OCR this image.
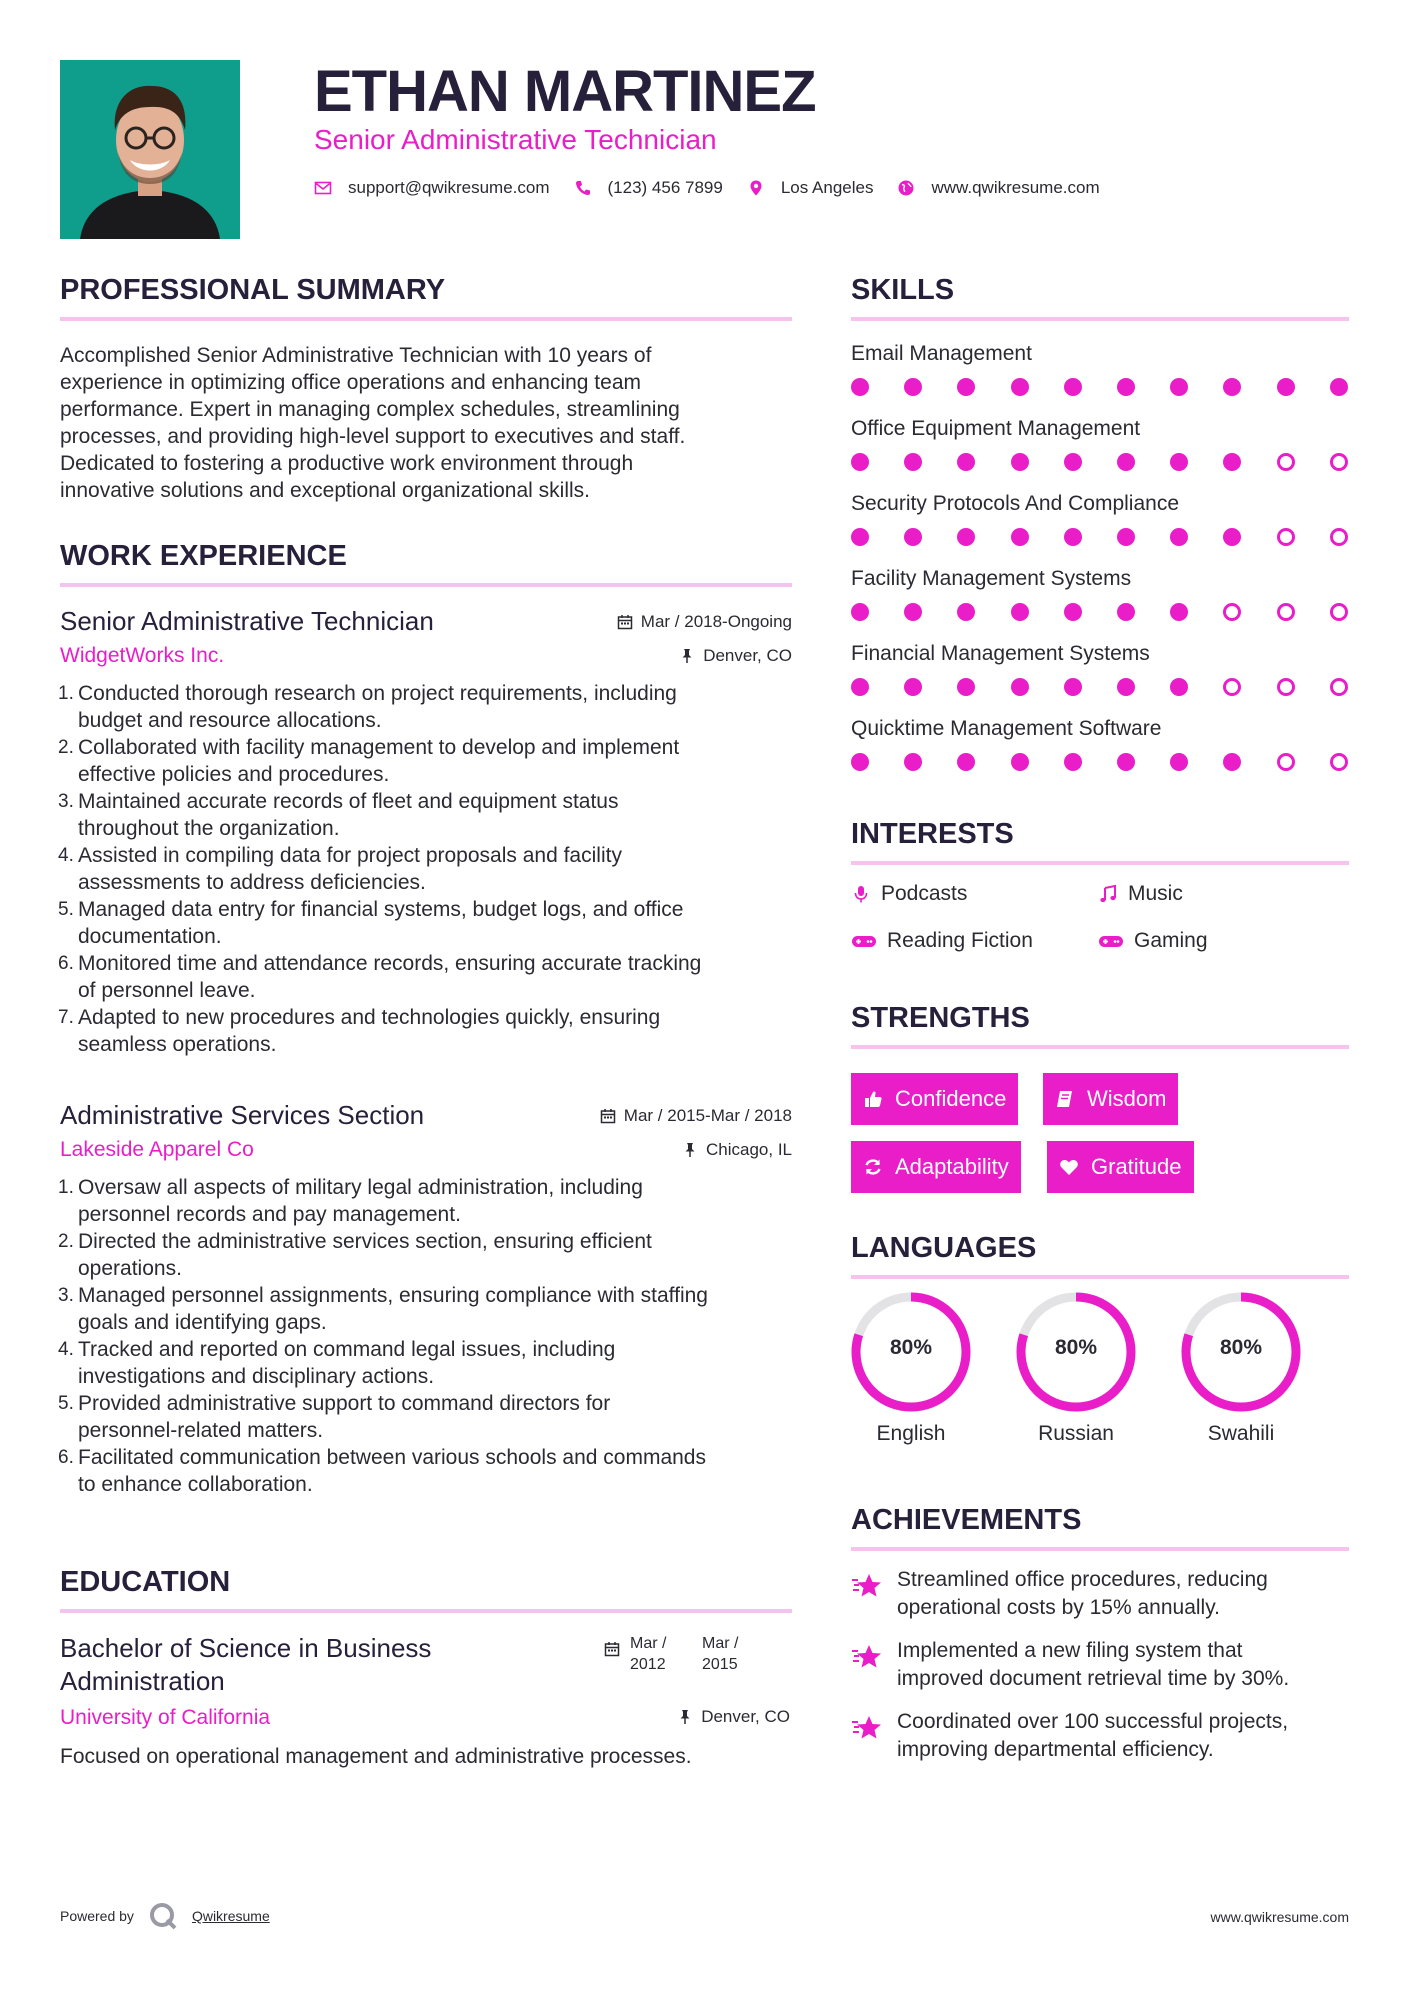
ETHAN MARTINEZ
Senior Administrative Technician
support@qwikresume.com	(123) 456 7899	Los Angeles	www.qwikresume.com
PROFESSIONAL SUMMARY
Accomplished Senior Administrative Technician with 10 years of
experience in optimizing office operations and enhancing team
performance. Expert in managing complex schedules, streamlining
processes, and providing high-level support to executives and staff.
Dedicated to fostering a productive work environment through
innovative solutions and exceptional organizational skills.
WORK EXPERIENCE
Senior Administrative Technician
WidgetWorks Inc.
Mar / 2018-Ongoing
Denver, CO
1. Conducted thorough research on project requirements, including
budget and resource allocations.
2. Collaborated with facility management to develop and implement
effective policies and procedures.
3. Maintained accurate records of fleet and equipment status
throughout the organization.
4. Assisted in compiling data for project proposals and facility
assessments to address deficiencies.
5. Managed data entry for financial systems, budget logs, and office
documentation.
6. Monitored time and attendance records, ensuring accurate tracking
of personnel leave.
7. Adapted to new procedures and technologies quickly, ensuring
seamless operations.
Administrative Services Section
Lakeside Apparel Co
Mar / 2015-Mar / 2018
Chicago, IL
1. Oversaw all aspects of military legal administration, including
personnel records and pay management.
2. Directed the administrative services section, ensuring efficient
operations.
3. Managed personnel assignments, ensuring compliance with staffing
goals and identifying gaps.
4. Tracked and reported on command legal issues, including
investigations and disciplinary actions.
5. Provided administrative support to command directors for
personnel-related matters.
6. Facilitated communication between various schools and commands
to enhance collaboration.
EDUCATION
Bachelor of Science in Business
Administration
University of California
Mar /
2012
Mar /
2015
Denver, CO
Focused on operational management and administrative processes.
SKILLS
Email Management
Office Equipment Management
Security Protocols And Compliance
Facility Management Systems
Financial Management Systems
Quicktime Management Software
INTERESTS
Podcasts	Music
Reading Fiction	Gaming
STRENGTHS
Confidence	Wisdom
Adaptability	Gratitude
LANGUAGES
80%
English
80%
Russian
80%
Swahili
ACHIEVEMENTS
Streamlined office procedures, reducing
operational costs by 15% annually.
Implemented a new filing system that
improved document retrieval time by 30%.
Coordinated over 100 successful projects,
improving departmental efficiency.
Powered by	Qwikresume	www.qwikresume.com
